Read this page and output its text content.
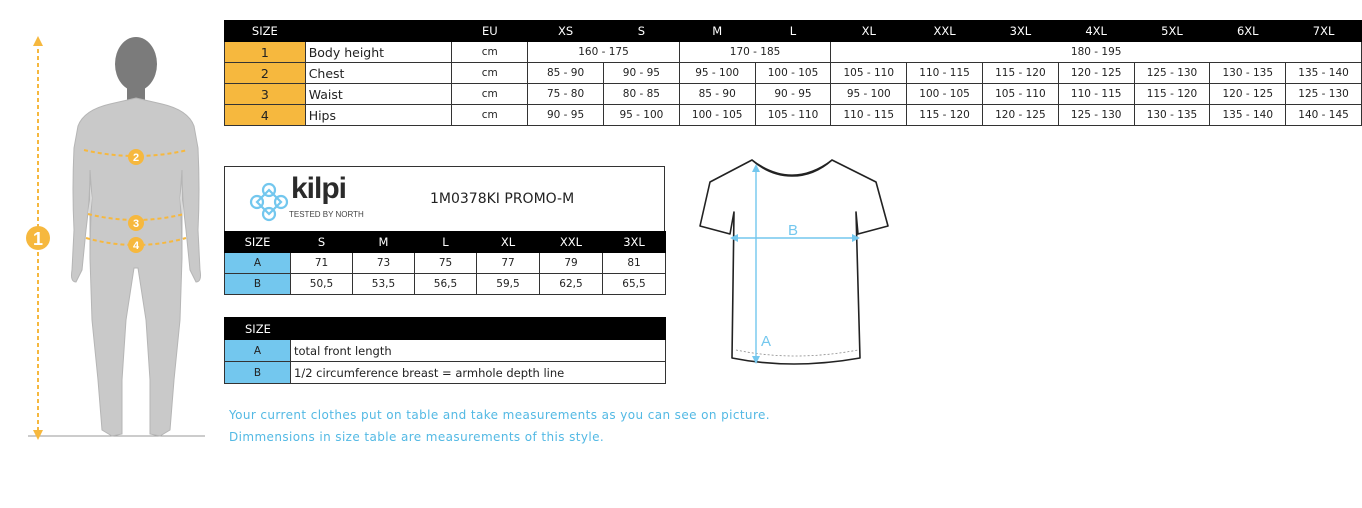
1
2
3
4
SIZE		EU	XS	S	M	L	XL	XXL	3XL	4XL	5XL	6XL	7XL
1	Body height	cm	160 - 175		170 - 185		180 - 195						
2	Chest	cm	85 - 90	90 - 95	95 - 100	100 - 105	105 - 110	110 - 115	115 - 120	120 - 125	125 - 130	130 - 135	135 - 140
3	Waist	cm	75 - 80	80 - 85	85 - 90	90 - 95	95 - 100	100 - 105	105 - 110	110 - 115	115 - 120	120 - 125	125 - 130
4	Hips	cm	90 - 95	95 - 100	100 - 105	105 - 110	110 - 115	115 - 120	120 - 125	125 - 130	130 - 135	135 - 140	140 - 145
kilpi
TESTED BY NORTH
1M0378KI PROMO-M
SIZE	S	M	L	XL	XXL	3XL
A	71	73	75	77	79	81
B	50,5	53,5	56,5	59,5	62,5	65,5
SIZE	
A	total front length
B	1/2 circumference breast = armhole depth line
A
B
Your current clothes put on table and take measurements as you can see on picture.
Dimmensions in size table are measurements of this style.
